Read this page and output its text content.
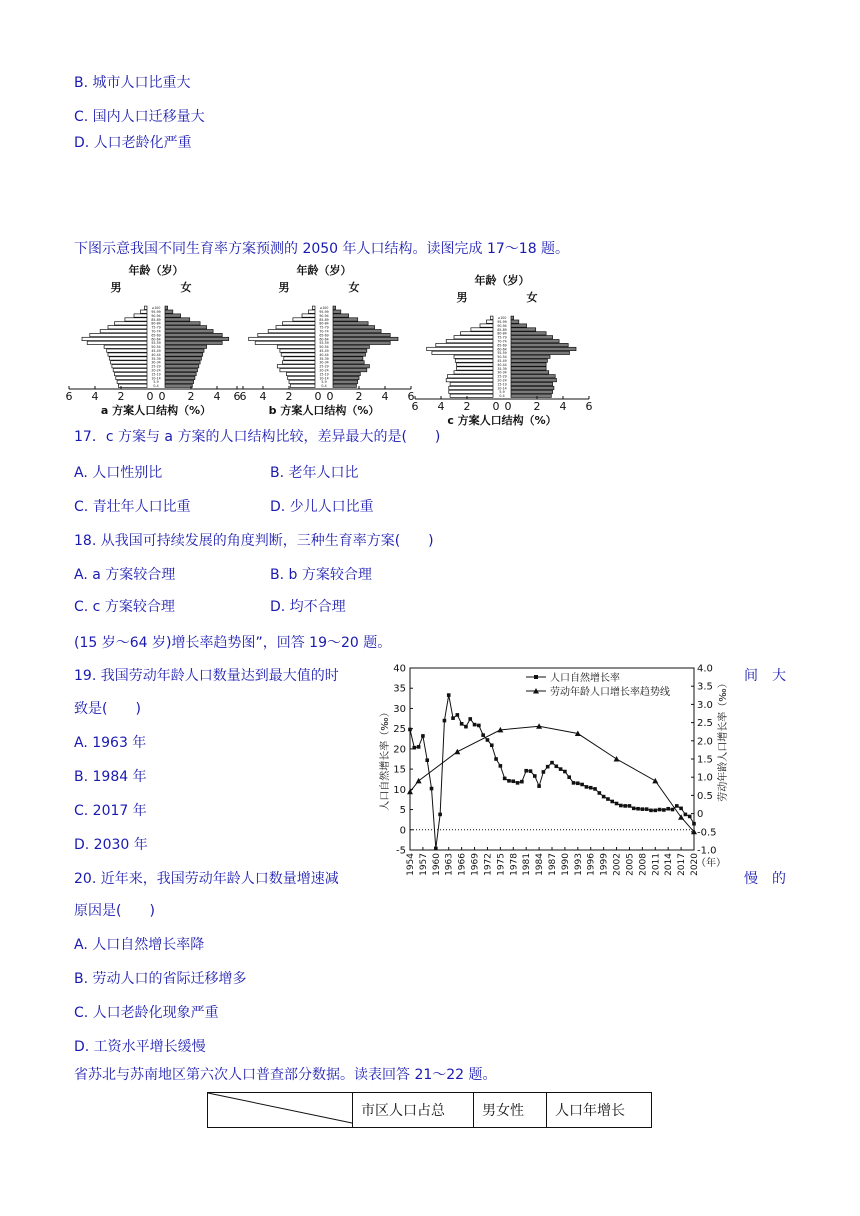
B. 城市人口比重大
C. 国内人口迁移量大
D. 人口老龄化严重
下图示意我国不同生育率方案预测的 2050 年人口结构。读图完成 17～18 题。
年龄（岁）
男	女
0-4
5-9
10-14
15-19
20-24
25-29
30-34
35-39
40-44
45-49
50-54
55-59
60-64
65-69
70-74
75-79
80-84
85-89
90-94
95-99
≥100
6 4 2 0 0 2 4 6
a 方案人口结构（%）
年龄（岁）
男	女
0-4
5-9
10-14
15-19
20-24
25-29
30-34
35-39
40-44
45-49
50-54
55-59
60-64
65-69
70-74
75-79
80-84
85-89
90-94
95-99
≥100
6 4 2 0 0 2 4 6
b 方案人口结构（%）
年龄（岁）
男	女
0-4
5-9
10-14
15-19
20-24
25-29
30-34
35-39
40-44
45-49
50-54
55-59
60-64
65-69
70-74
75-79
80-84
85-89
90-94
95-99
≥100
6 4 2 0 0 2 4 6
c 方案人口结构（%）
17．c 方案与 a 方案的人口结构比较，差异最大的是(　　)
A. 人口性别比	B. 老年人口比
C. 青壮年人口比重	D. 少儿人口比重
18. 从我国可持续发展的角度判断，三种生育率方案(　　)
A. a 方案较合理	B. b 方案较合理
C. c 方案较合理	D. 均不合理
(15 岁～64 岁)增长率趋势图”，回答 19～20 题。
19. 我国劳动年龄人口数量达到最大值的时	间　大
致是(　　)
A. 1963 年
B. 1984 年
C. 2017 年
D. 2030 年
40
35
30
25
20
15
10
5
0
-5
4.0
3.5
3.0
2.5
2.0
1.5
1.0
0.5
0
-0.5
-1.0
1954 1957 1960 1963 1966 1969 1972 1975 1978 1981 1984 1987 1990 1993 1996 1999 2002 2005 2008 2011 2014 2017 2020
（年）
人口自然增长率（‰）	劳动年龄人口增长率（‰）
人口自然增长率
劳动年龄人口增长率趋势线
20. 近年来，我国劳动年龄人口数量增速减	慢　的
原因是(　　)
A. 人口自然增长率降
B. 劳动人口的省际迁移增多
C. 人口老龄化现象严重
D. 工资水平增长缓慢
省苏北与苏南地区第六次人口普查部分数据。读表回答 21～22 题。
	市区人口占总	男女性	人口年增长
